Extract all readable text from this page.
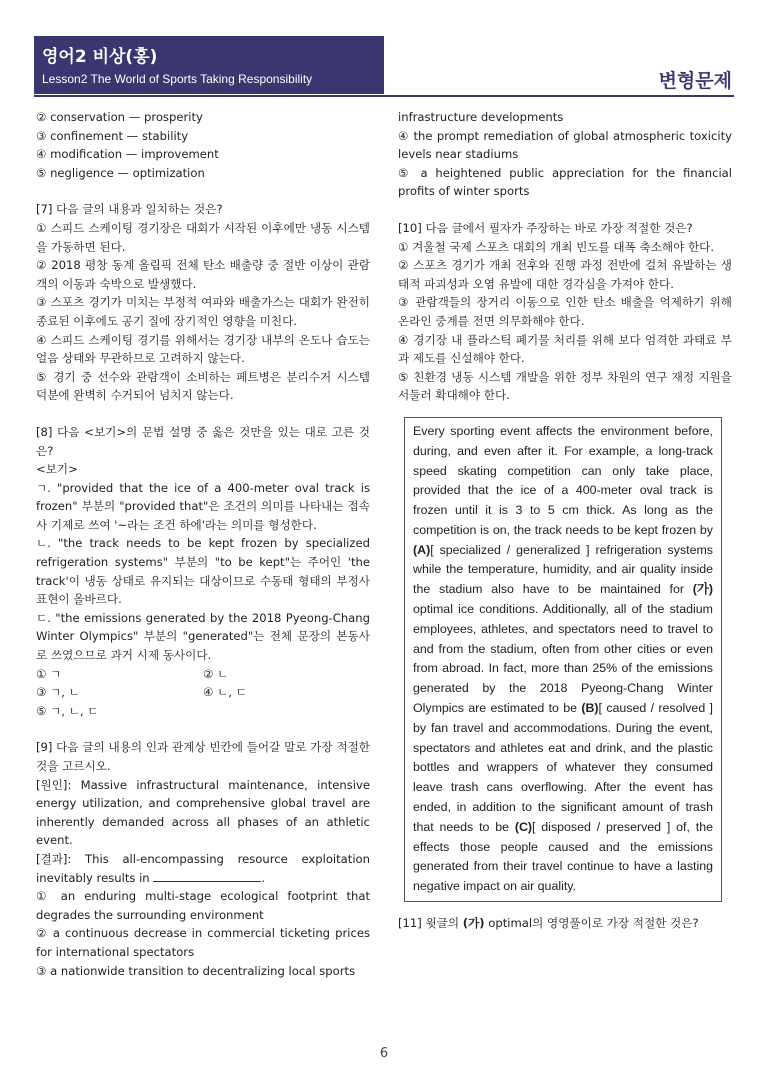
영어2 비상(홍)
Lesson2 The World of Sports Taking Responsibility	변형문제

② conservation — prosperity

③ confinement — stability

④ modification — improvement

⑤ negligence — optimization

[7] 다음 글의 내용과 일치하는 것은?

① 스피드 스케이팅 경기장은 대회가 시작된 이후에만 냉동 시스템을 가동하면 된다.

② 2018 평창 동계 올림픽 전체 탄소 배출량 중 절반 이상이 관람객의 이동과 숙박으로 발생했다.

③ 스포츠 경기가 미치는 부정적 여파와 배출가스는 대회가 완전히 종료된 이후에도 공기 질에 장기적인 영향을 미친다.

④ 스피드 스케이팅 경기를 위해서는 경기장 내부의 온도나 습도는 얼음 상태와 무관하므로 고려하지 않는다.

⑤ 경기 중 선수와 관람객이 소비하는 페트병은 분리수거 시스템 덕분에 완벽히 수거되어 넘치지 않는다.

[8] 다음 <보기>의 문법 설명 중 옳은 것만을 있는 대로 고른 것은?

<보기>

ㄱ. "provided that the ice of a 400-meter oval track is frozen" 부분의 "provided that"은 조건의 의미를 나타내는 접속사 기제로 쓰여 '~라는 조건 하에'라는 의미를 형성한다.

ㄴ. "the track needs to be kept frozen by specialized refrigeration systems" 부분의 "to be kept"는 주어인 'the track'이 냉동 상태로 유지되는 대상이므로 수동태 형태의 부정사 표현이 올바르다.

ㄷ. "the emissions generated by the 2018 Pyeong-Chang Winter Olympics" 부분의 "generated"는 전체 문장의 본동사로 쓰였으므로 과거 시제 동사이다.

① ㄱ	② ㄴ
③ ㄱ, ㄴ	④ ㄴ, ㄷ
⑤ ㄱ, ㄴ, ㄷ

[9] 다음 글의 내용의 인과 관계상 빈칸에 들어갈 말로 가장 적절한 것을 고르시오.

[원인]: Massive infrastructural maintenance, intensive energy utilization, and comprehensive global travel are inherently demanded across all phases of an athletic event.

[결과]: This all-encompassing resource exploitation inevitably results in	.

① an enduring multi-stage ecological footprint that degrades the surrounding environment

② a continuous decrease in commercial ticketing prices for international spectators

③ a nationwide transition to decentralizing local sports

infrastructure developments

④ the prompt remediation of global atmospheric toxicity levels near stadiums

⑤ a heightened public appreciation for the financial profits of winter sports

[10] 다음 글에서 필자가 주장하는 바로 가장 적절한 것은?

① 겨울철 국제 스포츠 대회의 개최 빈도를 대폭 축소해야 한다.

② 스포츠 경기가 개최 전후와 진행 과정 전반에 걸쳐 유발하는 생태적 파괴성과 오염 유발에 대한 경각심을 가져야 한다.

③ 관람객들의 장거리 이동으로 인한 탄소 배출을 억제하기 위해 온라인 중계를 전면 의무화해야 한다.

④ 경기장 내 플라스틱 폐기물 처리를 위해 보다 엄격한 과태료 부과 제도를 신설해야 한다.

⑤ 친환경 냉동 시스템 개발을 위한 정부 차원의 연구 재정 지원을 서둘러 확대해야 한다.

Every sporting event affects the environment before, during, and even after it. For example, a long-track speed skating competition can only take place, provided that the ice of a 400-meter oval track is frozen until it is 3 to 5 cm thick. As long as the competition is on, the track needs to be kept frozen by (A)[ specialized / generalized ] refrigeration systems while the temperature, humidity, and air quality inside the stadium also have to be maintained for (가) optimal ice conditions. Additionally, all of the stadium employees, athletes, and spectators need to travel to and from the stadium, often from other cities or even from abroad. In fact, more than 25% of the emissions generated by the 2018 Pyeong-Chang Winter Olympics are estimated to be (B)[ caused / resolved ] by fan travel and accommodations. During the event, spectators and athletes eat and drink, and the plastic bottles and wrappers of whatever they consumed leave trash cans overflowing. After the event has ended, in addition to the significant amount of trash that needs to be (C)[ disposed / preserved ] of, the effects those people caused and the emissions generated from their travel continue to have a lasting negative impact on air quality.

[11] 윗글의 (가) optimal의 영영풀이로 가장 적절한 것은?

6
